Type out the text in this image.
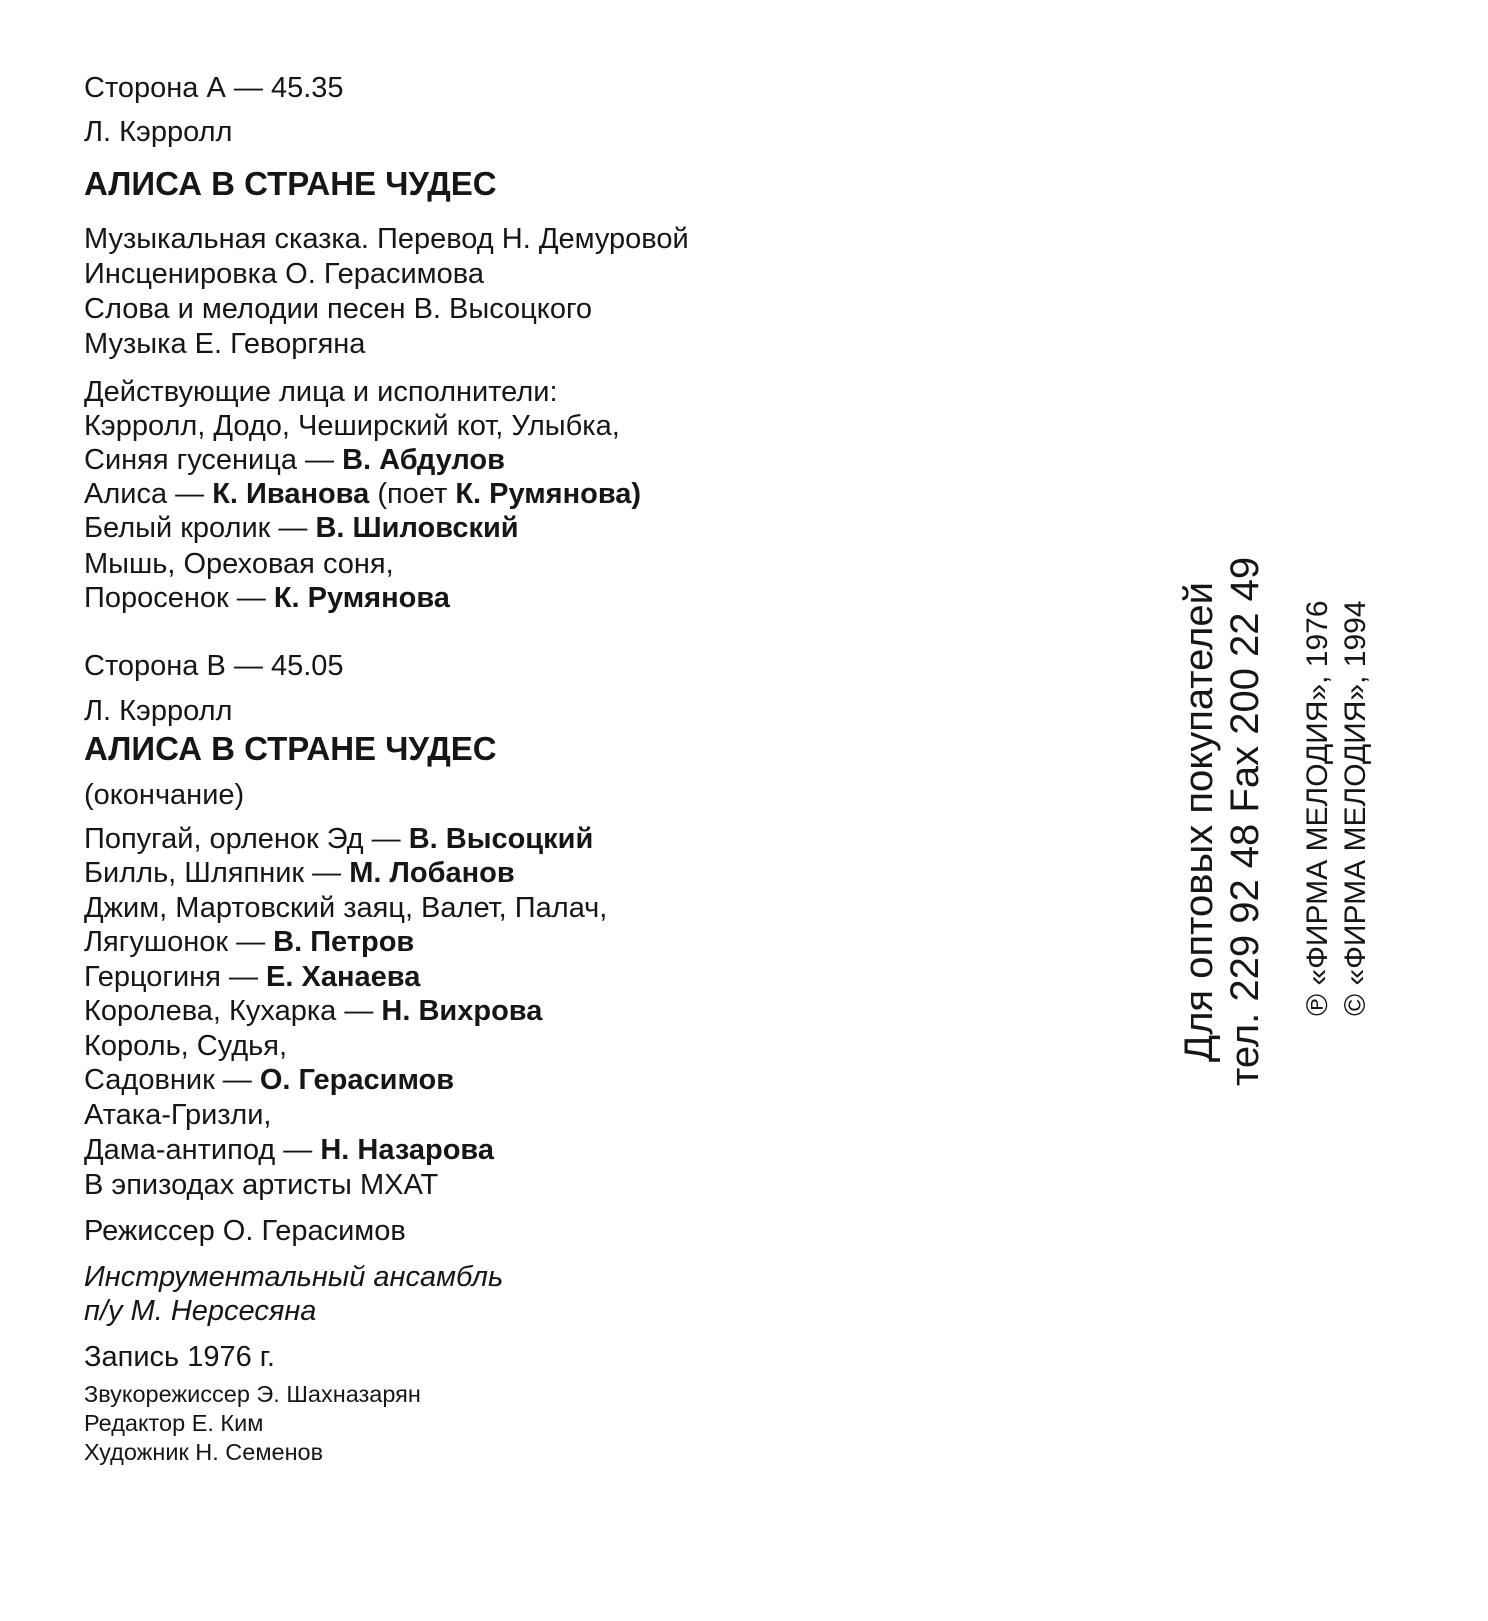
Сторона А — 45.35
Л. Кэрролл
АЛИСА В СТРАНЕ ЧУДЕС
Музыкальная сказка. Перевод Н. Демуровой
Инсценировка О. Герасимова
Слова и мелодии песен В. Высоцкого
Музыка Е. Геворгяна
Действующие лица и исполнители:
Кэрролл, Додо, Чеширский кот, Улыбка,
Синяя гусеница — В. Абдулов
Алиса — К. Иванова (поет К. Румянова)
Белый кролик — В. Шиловский
Мышь, Ореховая соня,
Поросенок — К. Румянова
Сторона В — 45.05
Л. Кэрролл
АЛИСА В СТРАНЕ ЧУДЕС
(окончание)
Попугай, орленок Эд — В. Высоцкий
Билль, Шляпник — М. Лобанов
Джим, Мартовский заяц, Валет, Палач,
Лягушонок — В. Петров
Герцогиня — Е. Ханаева
Королева, Кухарка — Н. Вихрова
Король, Судья,
Садовник — О. Герасимов
Атака-Гризли,
Дама-антипод — Н. Назарова
В эпизодах артисты МХАТ
Режиссер О. Герасимов
Инструментальный ансамбль
п/у М. Нерсесяна
Запись 1976 г.
Звукорежиссер Э. Шахназарян
Редактор Е. Ким
Художник Н. Семенов
Для оптовых покупателей тел. 229 92 48 Fax 200 22 49 ℗ «ФИРМА МЕЛОДИЯ», 1976 © «ФИРМА МЕЛОДИЯ», 1994
